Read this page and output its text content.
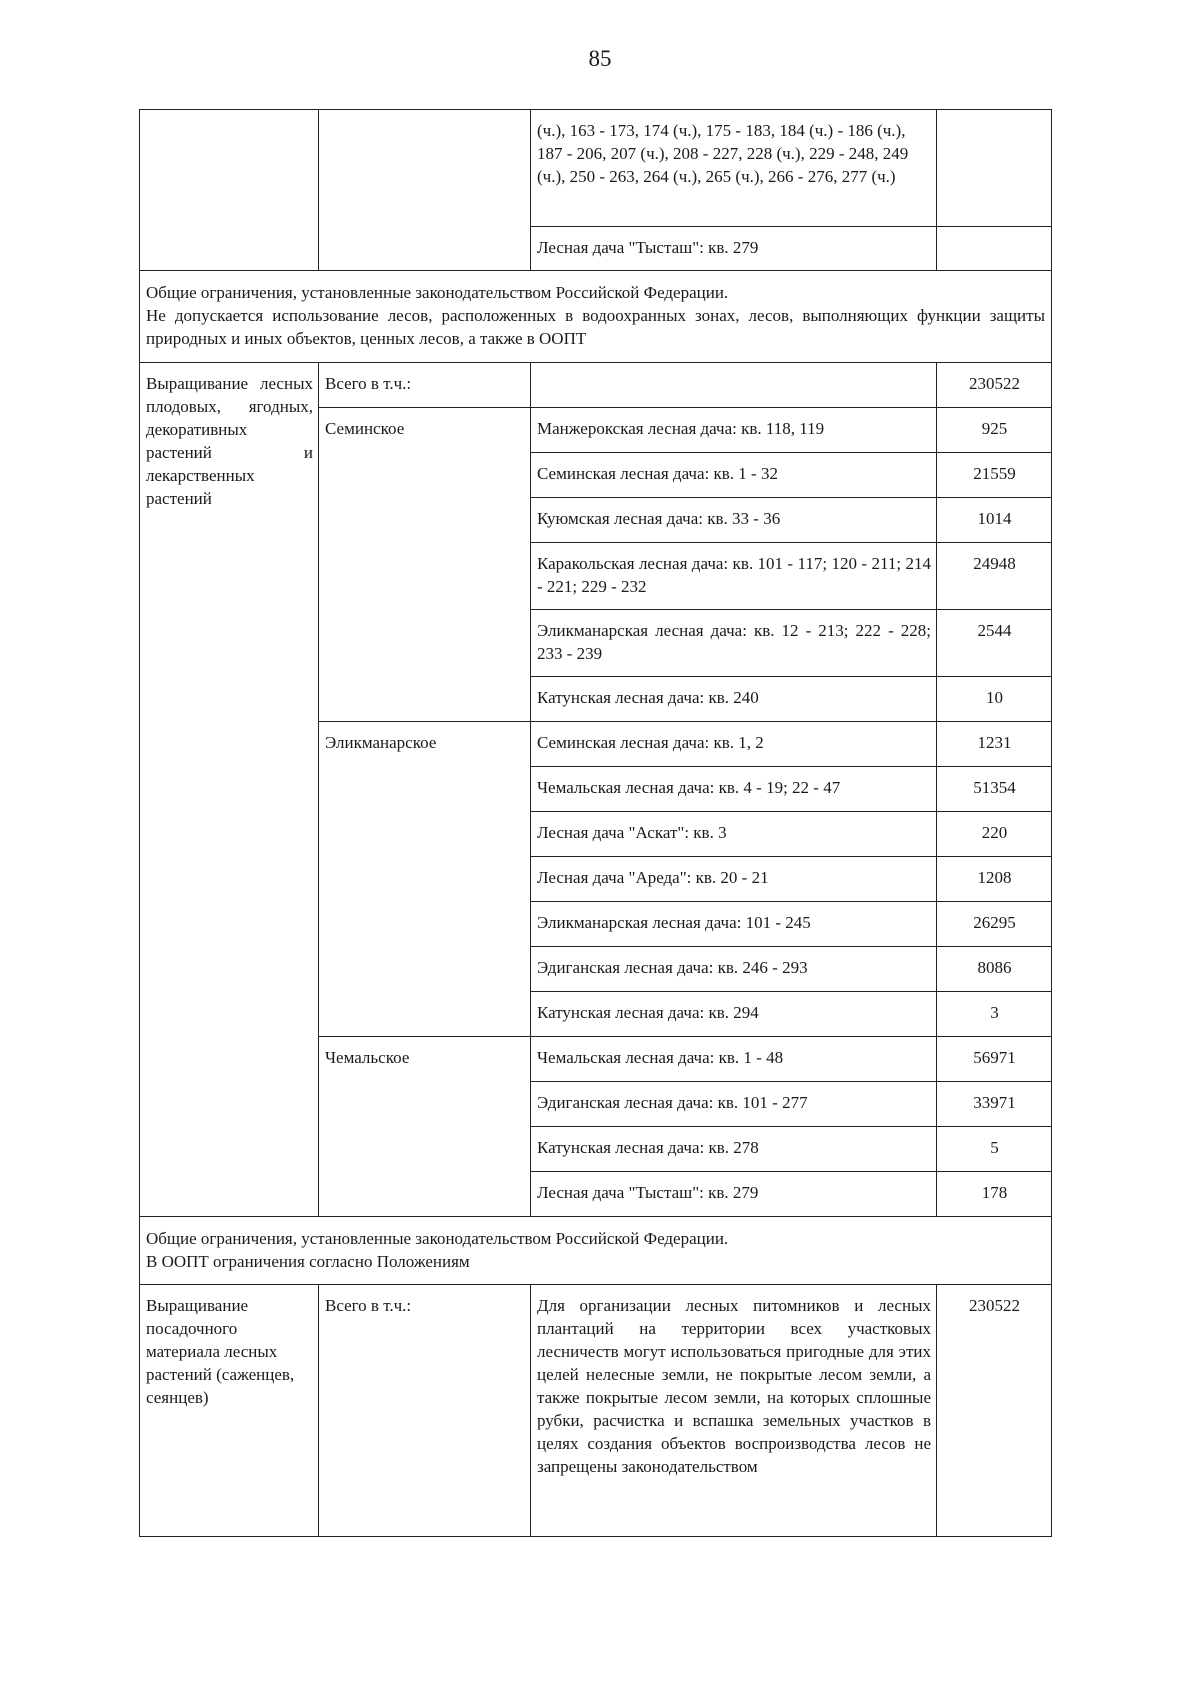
85
		(ч.), 163 - 173, 174 (ч.), 175 - 183, 184 (ч.) - 186 (ч.), 187 - 206, 207 (ч.), 208 - 227, 228 (ч.), 229 - 248, 249 (ч.), 250 - 263, 264 (ч.), 265 (ч.), 266 - 276, 277 (ч.)	
		Лесная дача "Тысташ": кв. 279	

Общие ограничения, установленные законодательством Российской Федерации.
Не допускается использование лесов, расположенных в водоохранных зонах, лесов, выполняющих функции защиты природных и иных объектов, ценных лесов, а также в ООПТ			

Выращивание лесных плодовых, ягодных, декоративных растений и лекарственных растений	Всего в т.ч.:		230522
	Семинское	Манжерокская лесная дача: кв. 118, 119	925
		Семинская лесная дача: кв. 1 - 32	21559
		Куюмская лесная дача: кв. 33 - 36	1014
		Каракольская лесная дача: кв. 101 - 117; 120 - 211; 214 - 221; 229 - 232	24948
		Эликманарская лесная дача: кв. 12 - 213; 222 - 228; 233 - 239	2544
		Катунская лесная дача: кв. 240	10
	Эликманарское	Семинская лесная дача: кв. 1, 2	1231
		Чемальская лесная дача: кв. 4 - 19; 22 - 47	51354
		Лесная дача "Аскат": кв. 3	220
		Лесная дача "Ареда": кв. 20 - 21	1208
		Эликманарская лесная дача: 101 - 245	26295
		Эдиганская лесная дача: кв. 246 - 293	8086
		Катунская лесная дача: кв. 294	3
	Чемальское	Чемальская лесная дача: кв. 1 - 48	56971
		Эдиганская лесная дача: кв. 101 - 277	33971
		Катунская лесная дача: кв. 278	5
		Лесная дача "Тысташ": кв. 279	178

Общие ограничения, установленные законодательством Российской Федерации.
В ООПТ ограничения согласно Положениям			

Выращивание посадочного материала лесных растений (саженцев, сеянцев)	Всего в т.ч.:	Для организации лесных питомников и лесных плантаций на территории всех участковых лесничеств могут использоваться пригодные для этих целей нелесные земли, не покрытые лесом земли, а также покрытые лесом земли, на которых сплошные рубки, расчистка и вспашка земельных участков в целях создания объектов воспроизводства лесов не запрещены законодательством	230522
